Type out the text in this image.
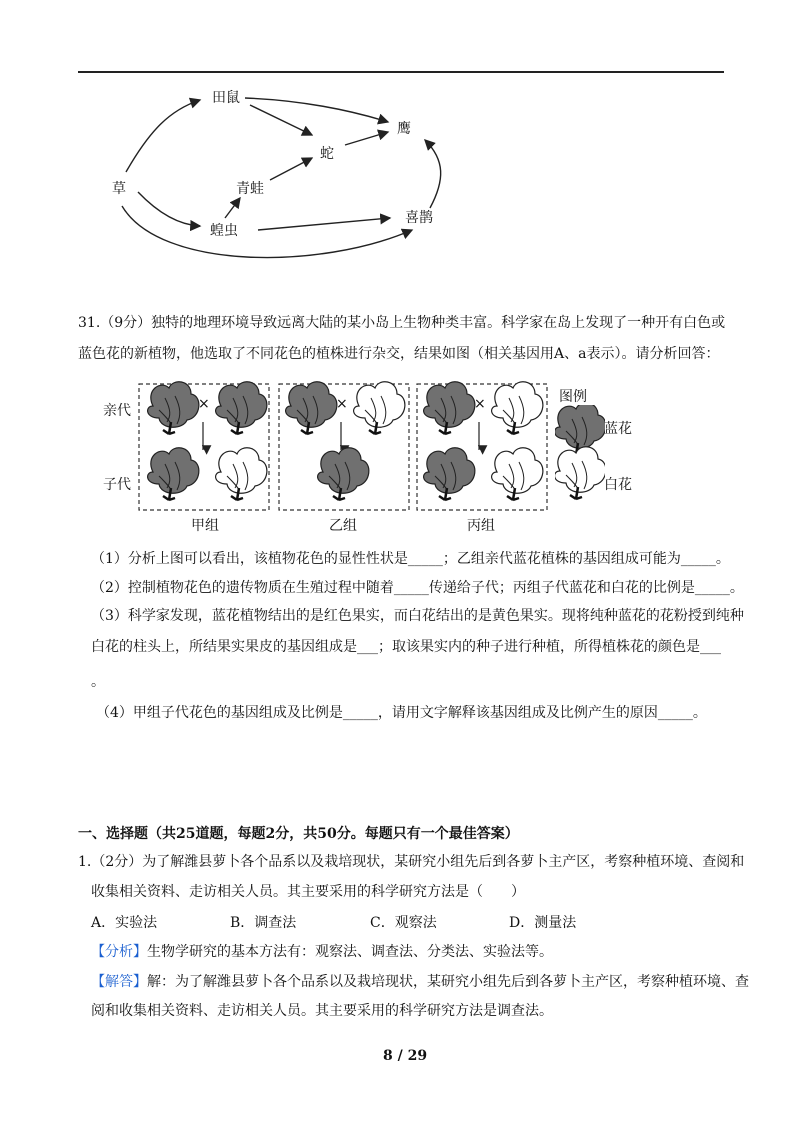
草
田鼠
青蛙
蛇
鹰
蝗虫
喜鹊
31.（9分）独特的地理环境导致远离大陆的某小岛上生物种类丰富。科学家在岛上发现了一种开有白色或
蓝色花的新植物，他选取了不同花色的植株进行杂交，结果如图（相关基因用A、a表示）。请分析回答：
亲代
子代
×	×	×
甲组	乙组	丙组
图例
蓝花
白花
（1）分析上图可以看出，该植物花色的显性性状是_____；乙组亲代蓝花植株的基因组成可能为_____。
（2）控制植物花色的遗传物质在生殖过程中随着_____传递给子代；丙组子代蓝花和白花的比例是_____。
（3）科学家发现，蓝花植物结出的是红色果实，而白花结出的是黄色果实。现将纯种蓝花的花粉授到纯种
白花的柱头上，所结果实果皮的基因组成是___；取该果实内的种子进行种植，所得植株花的颜色是___
。
（4）甲组子代花色的基因组成及比例是_____，请用文字解释该基因组成及比例产生的原因_____。
一、选择题（共25道题，每题2分，共50分。每题只有一个最佳答案）
1.（2分）为了解潍县萝卜各个品系以及栽培现状，某研究小组先后到各萝卜主产区，考察种植环境、查阅和
收集相关资料、走访相关人员。其主要采用的科学研究方法是（　　）
A．实验法	B．调查法	C．观察法	D．测量法
【分析】生物学研究的基本方法有：观察法、调查法、分类法、实验法等。
【解答】解：为了解潍县萝卜各个品系以及栽培现状，某研究小组先后到各萝卜主产区，考察种植环境、查
阅和收集相关资料、走访相关人员。其主要采用的科学研究方法是调查法。
8 / 29
